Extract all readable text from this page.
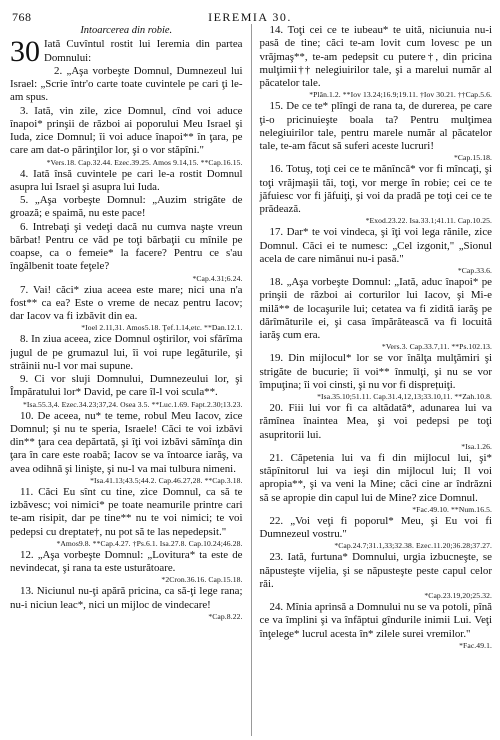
768	IEREMIA 30.
Intoarcerea din robie.
30 Iată Cuvîntul rostit lui Ieremia din partea Domnului:

2. „Aşa vorbeşte Domnul, Dumnezeul lui Israel: „Scrie într'o carte toate cuvintele pe cari ţi le-am spus.

3. Iată, vin zile, zice Domnul, cînd voi aduce înapoi* prinşii de război ai poporului Meu Israel şi Iuda, zice Domnul; îi voi aduce înapoi** în ţara, pe care am dat-o părinţilor lor, şi o vor stăpîni."
*Vers.18. Cap.32.44. Ezec.39.25. Amos 9.14,15. **Cap.16.15.

4. Iată însă cuvintele pe cari le-a rostit Domnul asupra lui Israel şi asupra lui Iuda.

5. „Aşa vorbeşte Domnul: „Auzim strigăte de groază; e spaimă, nu este pace!

6. Intrebaţi şi vedeţi dacă nu cumva naşte vreun bărbat! Pentru ce văd pe toţi bărbaţii cu mînile pe coapse, ca o femeie* la facere? Pentru ce s'au îngălbenit toate feţele?
*Cap.4.31;6.24.

7. Vai! căci* ziua aceea este mare; nici una n'a fost** ca ea? Este o vreme de necaz pentru Iacov; dar Iacov va fi izbăvit din ea.
*Ioel 2.11,31. Amos5.18. Ţef.1.14,etc. **Dan.12.1.

8. In ziua aceea, zice Domnul oştirilor, voi sfărîma jugul de pe grumazul lui, îi voi rupe legăturile, şi străinii nu-l vor mai supune.

9. Ci vor sluji Domnului, Dumnezeului lor, şi Împăratului lor* David, pe care îl-l voi scula**.
*Isa.55.3,4. Ezec.34.23;37,24. Osea 3.5. **Luc.1.69. Fapt.2.30;13.23.

10. De aceea, nu* te teme, robul Meu Iacov, zice Domnul; şi nu te speria, Israele! Căci te voi izbăvi din** ţara cea depărtată, şi îţi voi izbăvi sămînţa din ţara în care este roabă; Iacov se va întoarce iarăş, va avea odihnă şi linişte, şi nu-l va mai tulbura nimeni.
*Isa.41.13;43.5;44.2. Cap.46.27,28. **Cap.3.18.

11. Căci Eu sînt cu tine, zice Domnul, ca să te izbăvesc; voi nimici* pe toate neamurile printre cari te-am risipit, dar pe tine** nu te voi nimici; te voi pedepsi cu dreptate†, nu pot să te las nepedepsit."
*Amos9.8. **Cap.4.27. †Ps.6.1. Isa.27.8. Cap.10.24;46.28.

12. „Aşa vorbeşte Domnul: „Lovitura* ta este de nevindecat, şi rana ta este usturătoare.
*2Cron.36.16. Cap.15.18.

13. Niciunul nu-ţi apără pricina, ca să-ţi lege rana; nu-i niciun leac*, nici un mijloc de vindecare!
*Cap.8.22.

14. Toţi cei ce te iubeau* te uită, niciunuia nu-i pasă de tine; căci te-am lovit cum lovesc pe un vrăjmaş**, te-am pedepsit cu putere†, din pricina mulţimii†† nelegiuirilor tale, şi a marelui număr al păcatelor tale.
*Plân.1.2. **Iov 13.24;16.9;19.11. †Iov 30.21. ††Cap.5.6.

15. De ce te* plîngi de rana ta, de durerea, pe care ţi-o pricinuieşte boala ta? Pentru mulţimea nelegiuirilor tale, pentru marele număr al păcatelor tale, te-am făcut să suferi aceste lucruri!
*Cap.15.18.

16. Totuş, toţi cei ce te mănîncă* vor fi mîncaţi, şi toţi vrăjmaşii tăi, toţi, vor merge în robie; cei ce te jăfuiesc vor fi jăfuiţi, şi voi da pradă pe toţi cei ce te prădează.
*Exod.23.22. Isa.33.1;41.11. Cap.10.25.

17. Dar* te voi vindeca, şi îţi voi lega rănile, zice Domnul. Căci ei te numesc: „Cel izgonit," „Sionul acela de care nimănui nu-i pasă."
*Cap.33.6.

18. „Aşa vorbeşte Domnul: „Iată, aduc înapoi* pe prinşii de război ai corturilor lui Iacov, şi Mi-e milă** de locaşurile lui; cetatea va fi zidită iarăş pe dărîmăturile ei, şi casa împărătească va fi locuită iarăş cum era.
*Vers.3. Cap.33.7,11. **Ps.102.13.

19. Din mijlocul* lor se vor înălţa mulţămiri şi strigăte de bucurie; îi voi** înmulţi, şi nu se vor împuţina; îi voi cinsti, şi nu vor fi disprețuiţi.
*Isa.35.10;51.11. Cap.31.4,12,13;33.10,11. **Zah.10.8.

20. Fiii lui vor fi ca altădată*, adunarea lui va rămînea înaintea Mea, şi voi pedepsi pe toţi asupritorii lui.
*Isa.1.26.

21. Căpetenia lui va fi din mijlocul lui, şi* stăpînitorul lui va ieşi din mijlocul lui; Il voi apropia**, şi va veni la Mine; căci cine ar îndrăzni să se apropie din capul lui de Mine? zice Domnul.
*Fac.49.10. **Num.16.5.

22. „Voi veţi fi poporul* Meu, şi Eu voi fi Dumnezeul vostru."
*Cap.24.7;31.1,33;32.38. Ezec.11.20;36.28;37.27.

23. Iată, furtuna* Domnului, urgia izbucneşte, se năpusteşte vijelia, şi se năpusteşte peste capul celor răi.
*Cap.23.19,20;25.32.

24. Mînia aprinsă a Domnului nu se va potoli, pînă ce va împlini şi va înfăptui gîndurile inimii Lui. Veţi înţelege* lucrul acesta în* zilele surei vremilor."
*Fac.49.1.
